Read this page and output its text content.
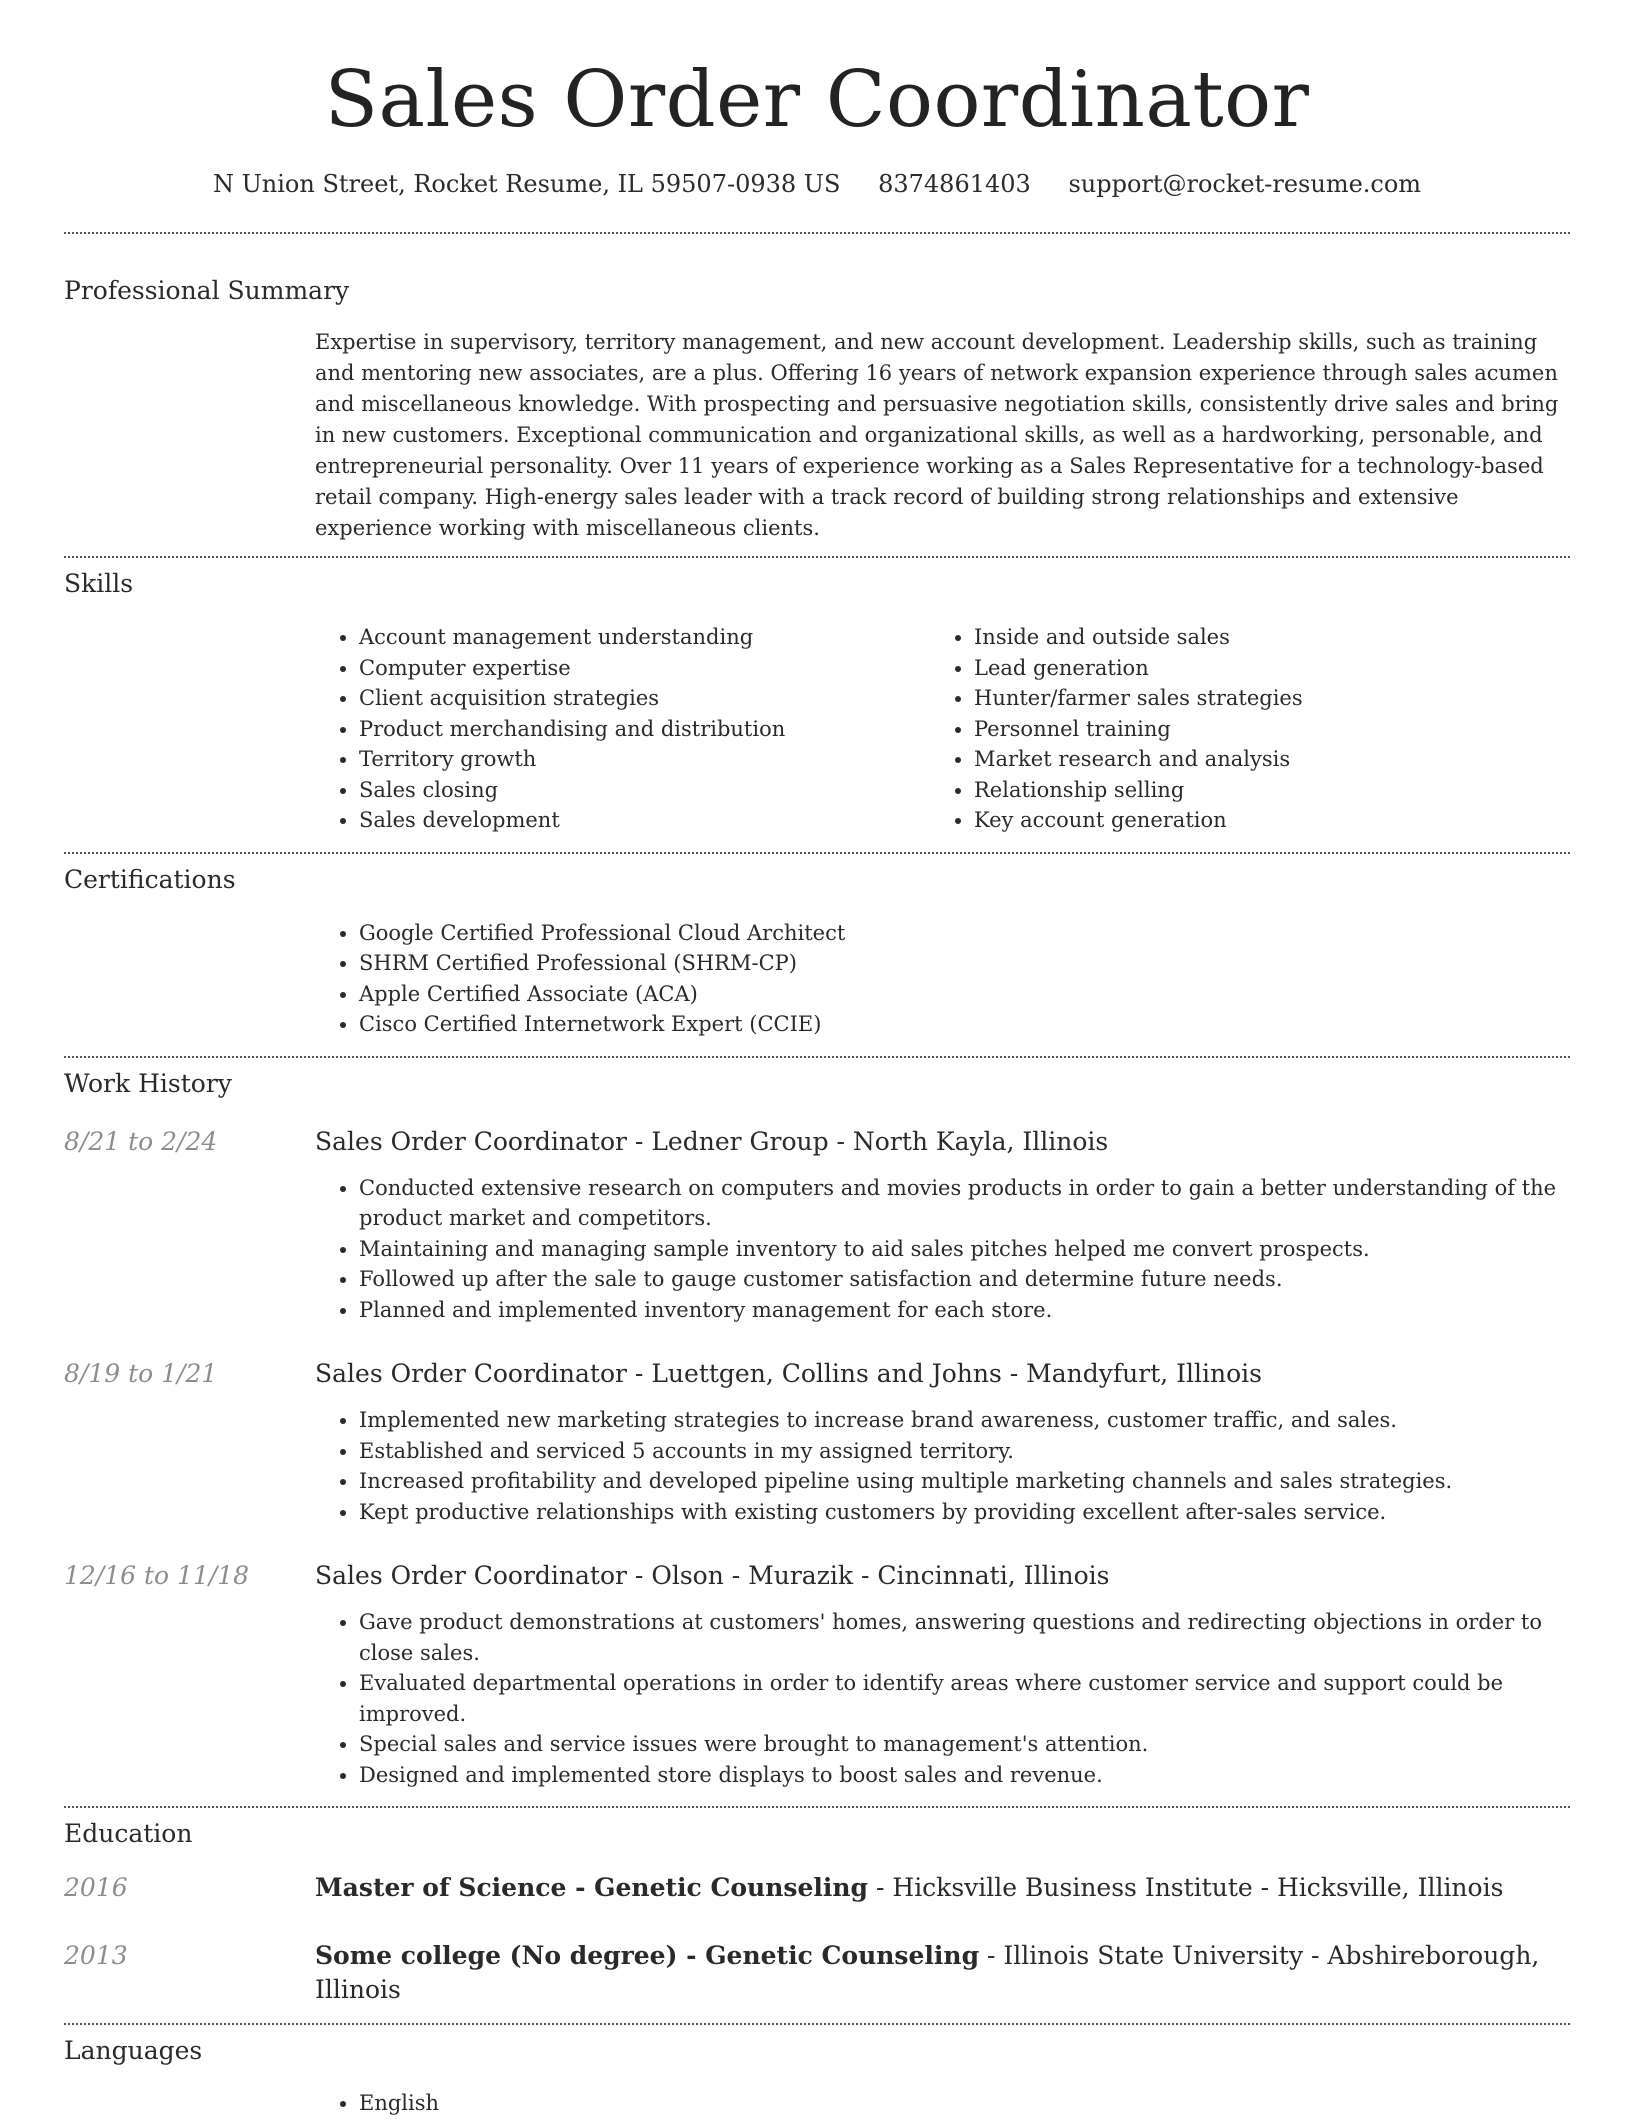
Sales Order Coordinator
N Union Street, Rocket Resume, IL 59507-0938 US 8374861403 support@rocket-resume.com
Professional Summary
Expertise in supervisory, territory management, and new account development. Leadership skills, such as training and mentoring new associates, are a plus. Offering 16 years of network expansion experience through sales acumen and miscellaneous knowledge. With prospecting and persuasive negotiation skills, consistently drive sales and bring in new customers. Exceptional communication and organizational skills, as well as a hardworking, personable, and entrepreneurial personality. Over 11 years of experience working as a Sales Representative for a technology-based retail company. High-energy sales leader with a track record of building strong relationships and extensive experience working with miscellaneous clients.
Skills
• Account management understanding
• Computer expertise
• Client acquisition strategies
• Product merchandising and distribution
• Territory growth
• Sales closing
• Sales development
• Inside and outside sales
• Lead generation
• Hunter/farmer sales strategies
• Personnel training
• Market research and analysis
• Relationship selling
• Key account generation
Certifications
• Google Certified Professional Cloud Architect
• SHRM Certified Professional (SHRM-CP)
• Apple Certified Associate (ACA)
• Cisco Certified Internetwork Expert (CCIE)
Work History
8/21 to 2/24	Sales Order Coordinator - Ledner Group - North Kayla, Illinois
• Conducted extensive research on computers and movies products in order to gain a better understanding of the product market and competitors.
• Maintaining and managing sample inventory to aid sales pitches helped me convert prospects.
• Followed up after the sale to gauge customer satisfaction and determine future needs.
• Planned and implemented inventory management for each store.
8/19 to 1/21	Sales Order Coordinator - Luettgen, Collins and Johns - Mandyfurt, Illinois
• Implemented new marketing strategies to increase brand awareness, customer traffic, and sales.
• Established and serviced 5 accounts in my assigned territory.
• Increased profitability and developed pipeline using multiple marketing channels and sales strategies.
• Kept productive relationships with existing customers by providing excellent after-sales service.
12/16 to 11/18	Sales Order Coordinator - Olson - Murazik - Cincinnati, Illinois
• Gave product demonstrations at customers' homes, answering questions and redirecting objections in order to close sales.
• Evaluated departmental operations in order to identify areas where customer service and support could be improved.
• Special sales and service issues were brought to management's attention.
• Designed and implemented store displays to boost sales and revenue.
Education
2016	Master of Science - Genetic Counseling - Hicksville Business Institute - Hicksville, Illinois
2013	Some college (No degree) - Genetic Counseling - Illinois State University - Abshireborough, Illinois
Languages
• English
